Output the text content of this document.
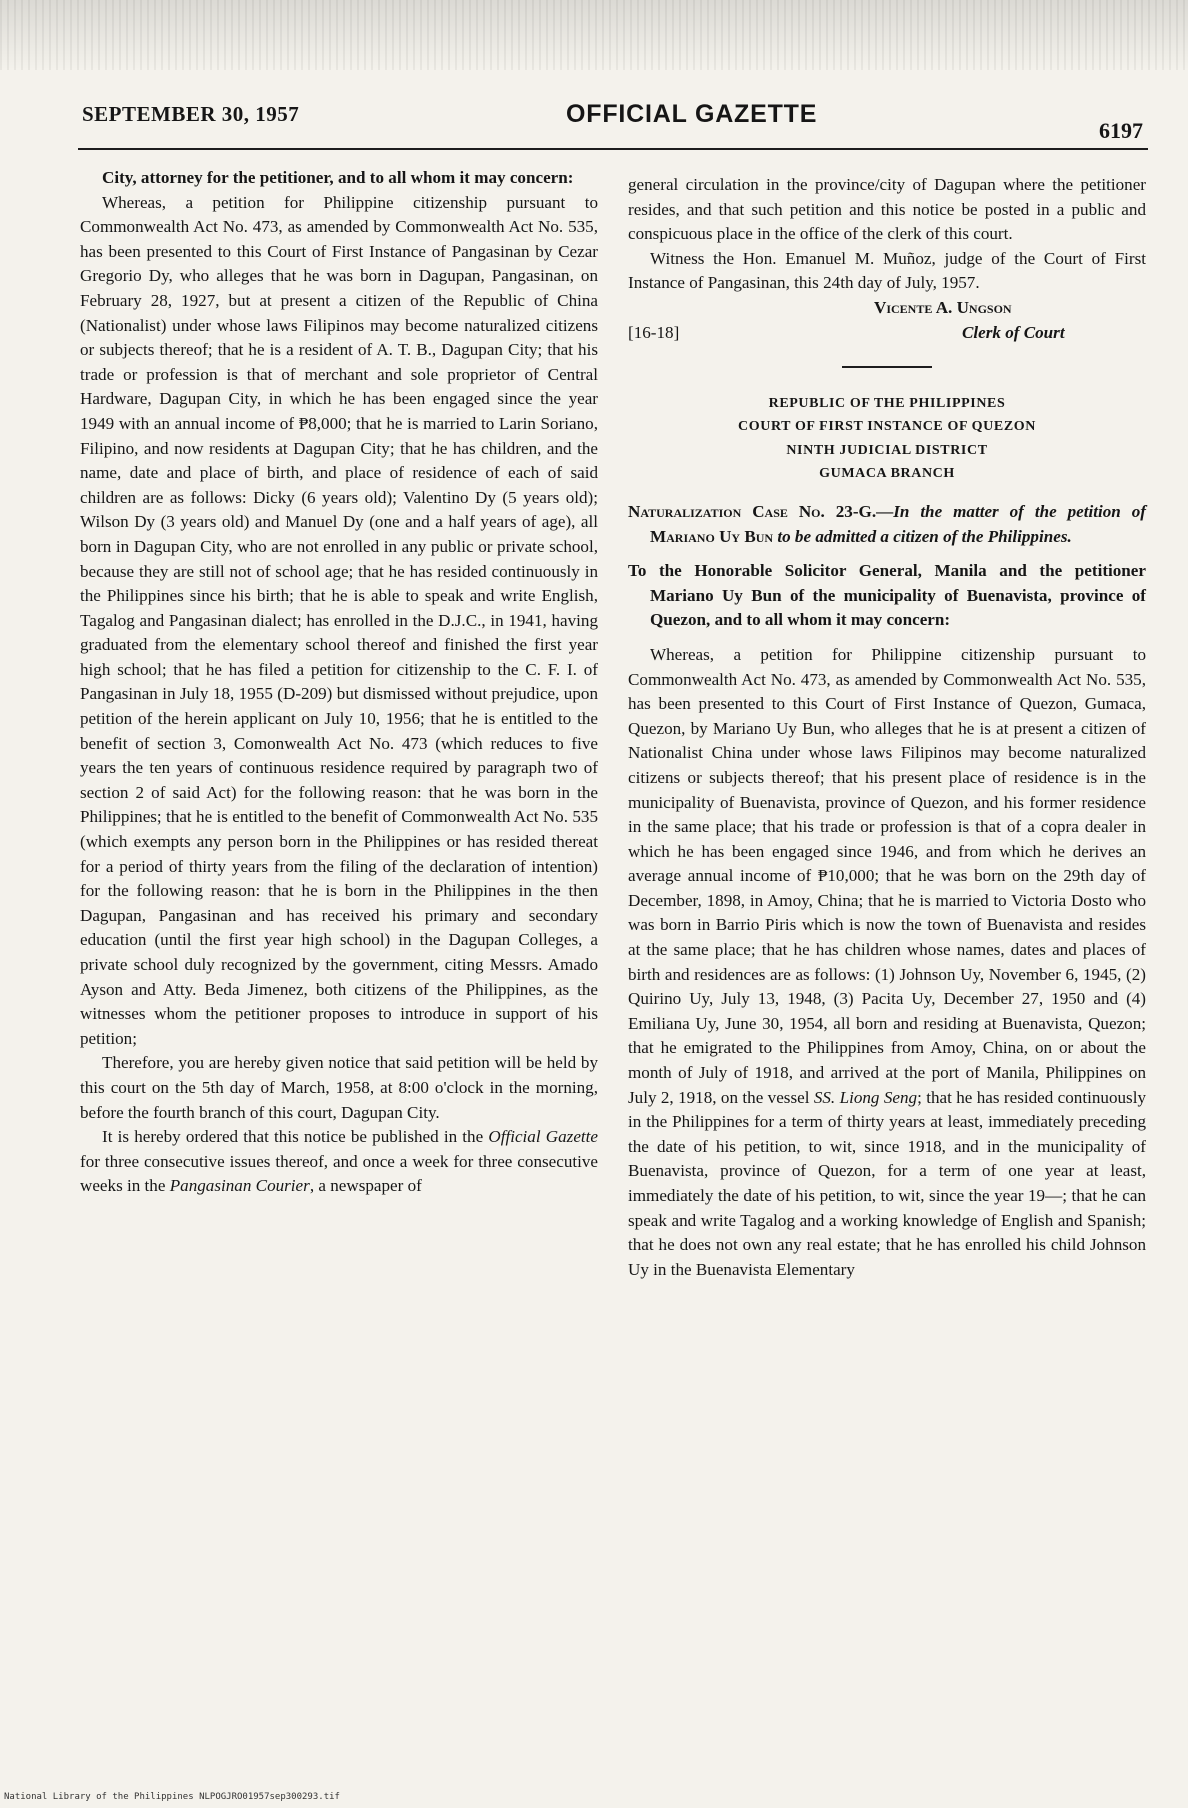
SEPTEMBER 30, 1957	OFFICIAL GAZETTE
6197

City, attorney for the petitioner, and to all whom it may concern:

Whereas, a petition for Philippine citizenship pursuant to Commonwealth Act No. 473, as amended by Commonwealth Act No. 535, has been presented to this Court of First Instance of Pangasinan by Cezar Gregorio Dy, who alleges that he was born in Dagupan, Pangasinan, on February 28, 1927, but at present a citizen of the Republic of China (Nationalist) under whose laws Filipinos may become naturalized citizens or subjects thereof; that he is a resident of A. T. B., Dagupan City; that his trade or profession is that of merchant and sole proprietor of Central Hardware, Dagupan City, in which he has been engaged since the year 1949 with an annual income of ₱8,000; that he is married to Larin Soriano, Filipino, and now residents at Dagupan City; that he has children, and the name, date and place of birth, and place of residence of each of said children are as follows: Dicky (6 years old); Valentino Dy (5 years old); Wilson Dy (3 years old) and Manuel Dy (one and a half years of age), all born in Dagupan City, who are not enrolled in any public or private school, because they are still not of school age; that he has resided continuously in the Philippines since his birth; that he is able to speak and write English, Tagalog and Pangasinan dialect; has enrolled in the D.J.C., in 1941, having graduated from the elementary school thereof and finished the first year high school; that he has filed a petition for citizenship to the C. F. I. of Pangasinan in July 18, 1955 (D-209) but dismissed without prejudice, upon petition of the herein applicant on July 10, 1956; that he is entitled to the benefit of section 3, Comonwealth Act No. 473 (which reduces to five years the ten years of continuous residence required by paragraph two of section 2 of said Act) for the following reason: that he was born in the Philippines; that he is entitled to the benefit of Commonwealth Act No. 535 (which exempts any person born in the Philippines or has resided thereat for a period of thirty years from the filing of the declaration of intention) for the following reason: that he is born in the Philippines in the then Dagupan, Pangasinan and has received his primary and secondary education (until the first year high school) in the Dagupan Colleges, a private school duly recognized by the government, citing Messrs. Amado Ayson and Atty. Beda Jimenez, both citizens of the Philippines, as the witnesses whom the petitioner proposes to introduce in support of his petition;

Therefore, you are hereby given notice that said petition will be held by this court on the 5th day of March, 1958, at 8:00 o'clock in the morning, before the fourth branch of this court, Dagupan City.

It is hereby ordered that this notice be published in the Official Gazette for three consecutive issues thereof, and once a week for three consecutive weeks in the Pangasinan Courier, a newspaper of

general circulation in the province/city of Dagupan where the petitioner resides, and that such petition and this notice be posted in a public and conspicuous place in the office of the clerk of this court.

Witness the Hon. Emanuel M. Muñoz, judge of the Court of First Instance of Pangasinan, this 24th day of July, 1957.

Vicente A. Ungson
[16-18]	Clerk of Court
REPUBLIC OF THE PHILIPPINES
COURT OF FIRST INSTANCE OF QUEZON
NINTH JUDICIAL DISTRICT
GUMACA BRANCH

Naturalization Case No. 23-G.—In the matter of the petition of Mariano Uy Bun to be admitted a citizen of the Philippines.

To the Honorable Solicitor General, Manila and the petitioner Mariano Uy Bun of the municipality of Buenavista, province of Quezon, and to all whom it may concern:

Whereas, a petition for Philippine citizenship pursuant to Commonwealth Act No. 473, as amended by Commonwealth Act No. 535, has been presented to this Court of First Instance of Quezon, Gumaca, Quezon, by Mariano Uy Bun, who alleges that he is at present a citizen of Nationalist China under whose laws Filipinos may become naturalized citizens or subjects thereof; that his present place of residence is in the municipality of Buenavista, province of Quezon, and his former residence in the same place; that his trade or profession is that of a copra dealer in which he has been engaged since 1946, and from which he derives an average annual income of ₱10,000; that he was born on the 29th day of December, 1898, in Amoy, China; that he is married to Victoria Dosto who was born in Barrio Piris which is now the town of Buenavista and resides at the same place; that he has children whose names, dates and places of birth and residences are as follows: (1) Johnson Uy, November 6, 1945, (2) Quirino Uy, July 13, 1948, (3) Pacita Uy, December 27, 1950 and (4) Emiliana Uy, June 30, 1954, all born and residing at Buenavista, Quezon; that he emigrated to the Philippines from Amoy, China, on or about the month of July of 1918, and arrived at the port of Manila, Philippines on July 2, 1918, on the vessel SS. Liong Seng; that he has resided continuously in the Philippines for a term of thirty years at least, immediately preceding the date of his petition, to wit, since 1918, and in the municipality of Buenavista, province of Quezon, for a term of one year at least, immediately the date of his petition, to wit, since the year 19—; that he can speak and write Tagalog and a working knowledge of English and Spanish; that he does not own any real estate; that he has enrolled his child Johnson Uy in the Buenavista Elementary

National Library of the Philippines NLPOGJRO01957sep300293.tif
